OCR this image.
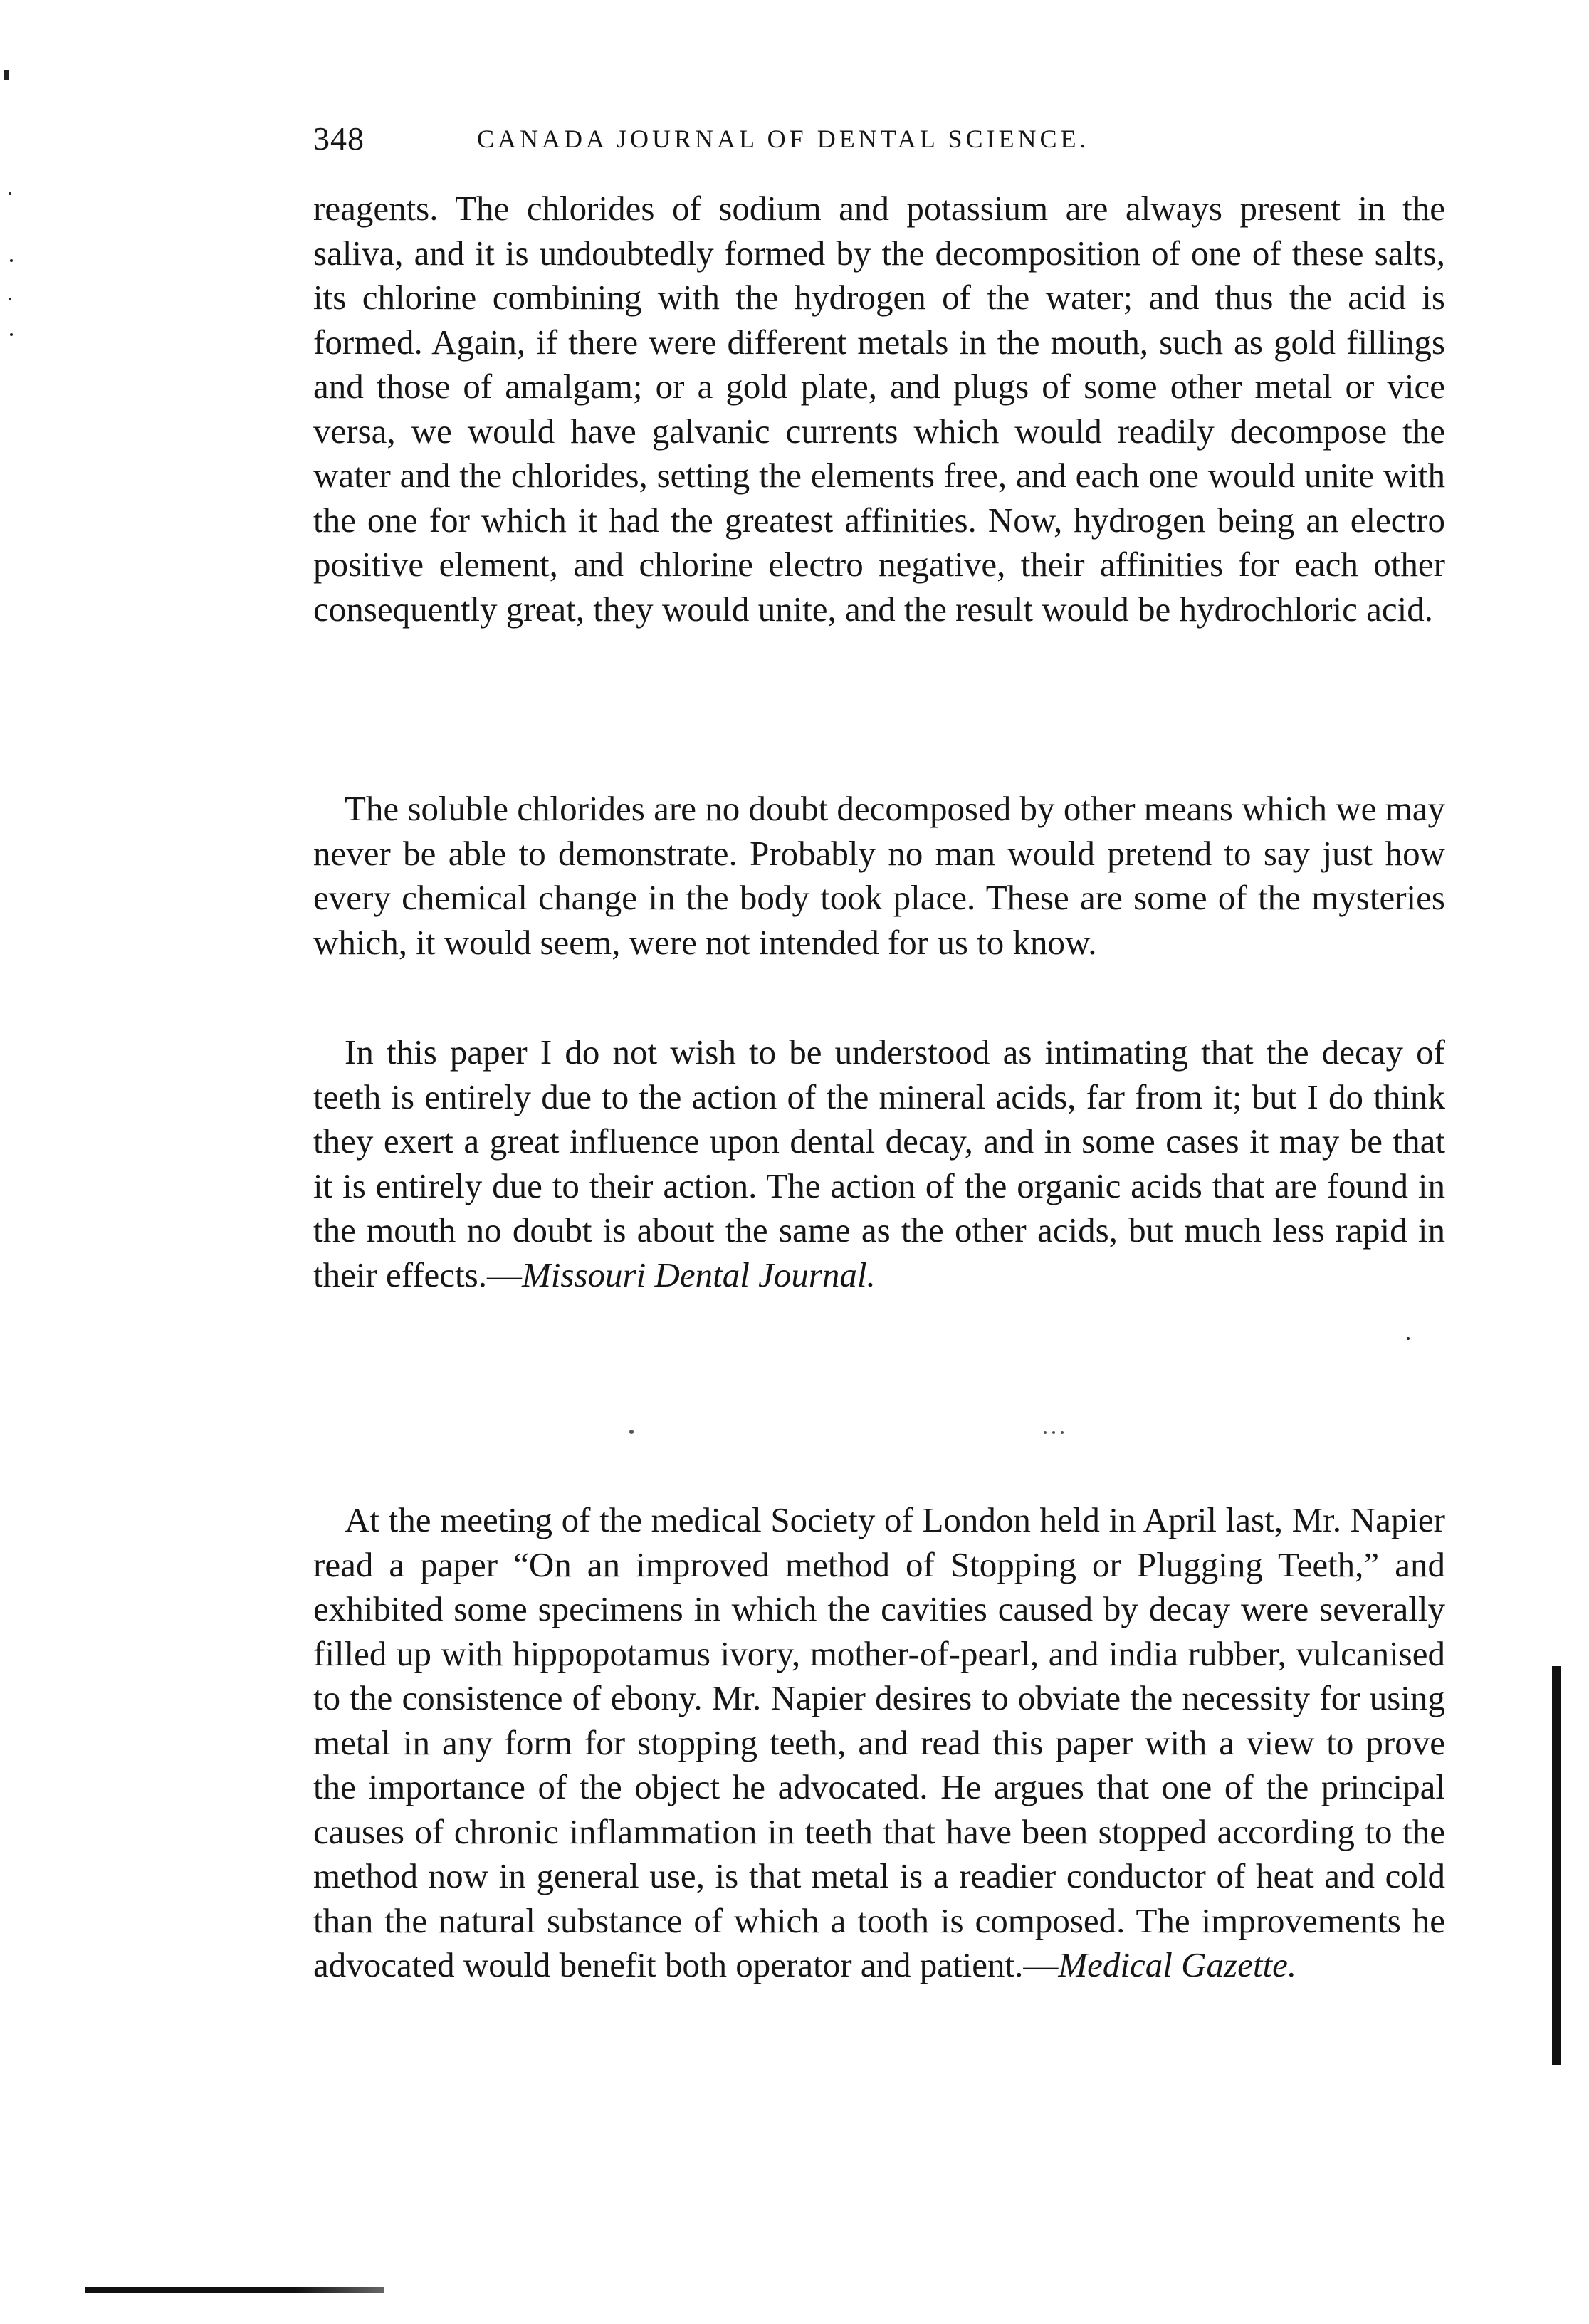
348	CANADA JOURNAL OF DENTAL SCIENCE.

reagents. The chlorides of sodium and potassium are always present in the saliva, and it is undoubtedly formed by the decomposition of one of these salts, its chlorine combining with the hydrogen of the water; and thus the acid is formed. Again, if there were different metals in the mouth, such as gold fillings and those of amalgam; or a gold plate, and plugs of some other metal or vice versa, we would have galvanic currents which would readily decompose the water and the chlorides, setting the elements free, and each one would unite with the one for which it had the greatest affinities. Now, hydrogen being an electro positive element, and chlorine electro negative, their affinities for each other consequently great, they would unite, and the result would be hydrochloric acid.

The soluble chlorides are no doubt decomposed by other means which we may never be able to demonstrate. Probably no man would pretend to say just how every chemical change in the body took place. These are some of the mysteries which, it would seem, were not intended for us to know.

In this paper I do not wish to be understood as intimating that the decay of teeth is entirely due to the action of the mineral acids, far from it; but I do think they exert a great influence upon dental decay, and in some cases it may be that it is entirely due to their action. The action of the organic acids that are found in the mouth no doubt is about the same as the other acids, but much less rapid in their effects.—Missouri Dental Journal.

At the meeting of the medical Society of London held in April last, Mr. Napier read a paper “On an improved method of Stopping or Plugging Teeth,” and exhibited some specimens in which the cavities caused by decay were severally filled up with hippopotamus ivory, mother-of-pearl, and india rubber, vulcanised to the consistence of ebony. Mr. Napier desires to obviate the necessity for using metal in any form for stopping teeth, and read this paper with a view to prove the importance of the object he advocated. He argues that one of the principal causes of chronic inflammation in teeth that have been stopped according to the method now in general use, is that metal is a readier conductor of heat and cold than the natural substance of which a tooth is composed. The improvements he advocated would benefit both operator and patient.—Medical Gazette.
